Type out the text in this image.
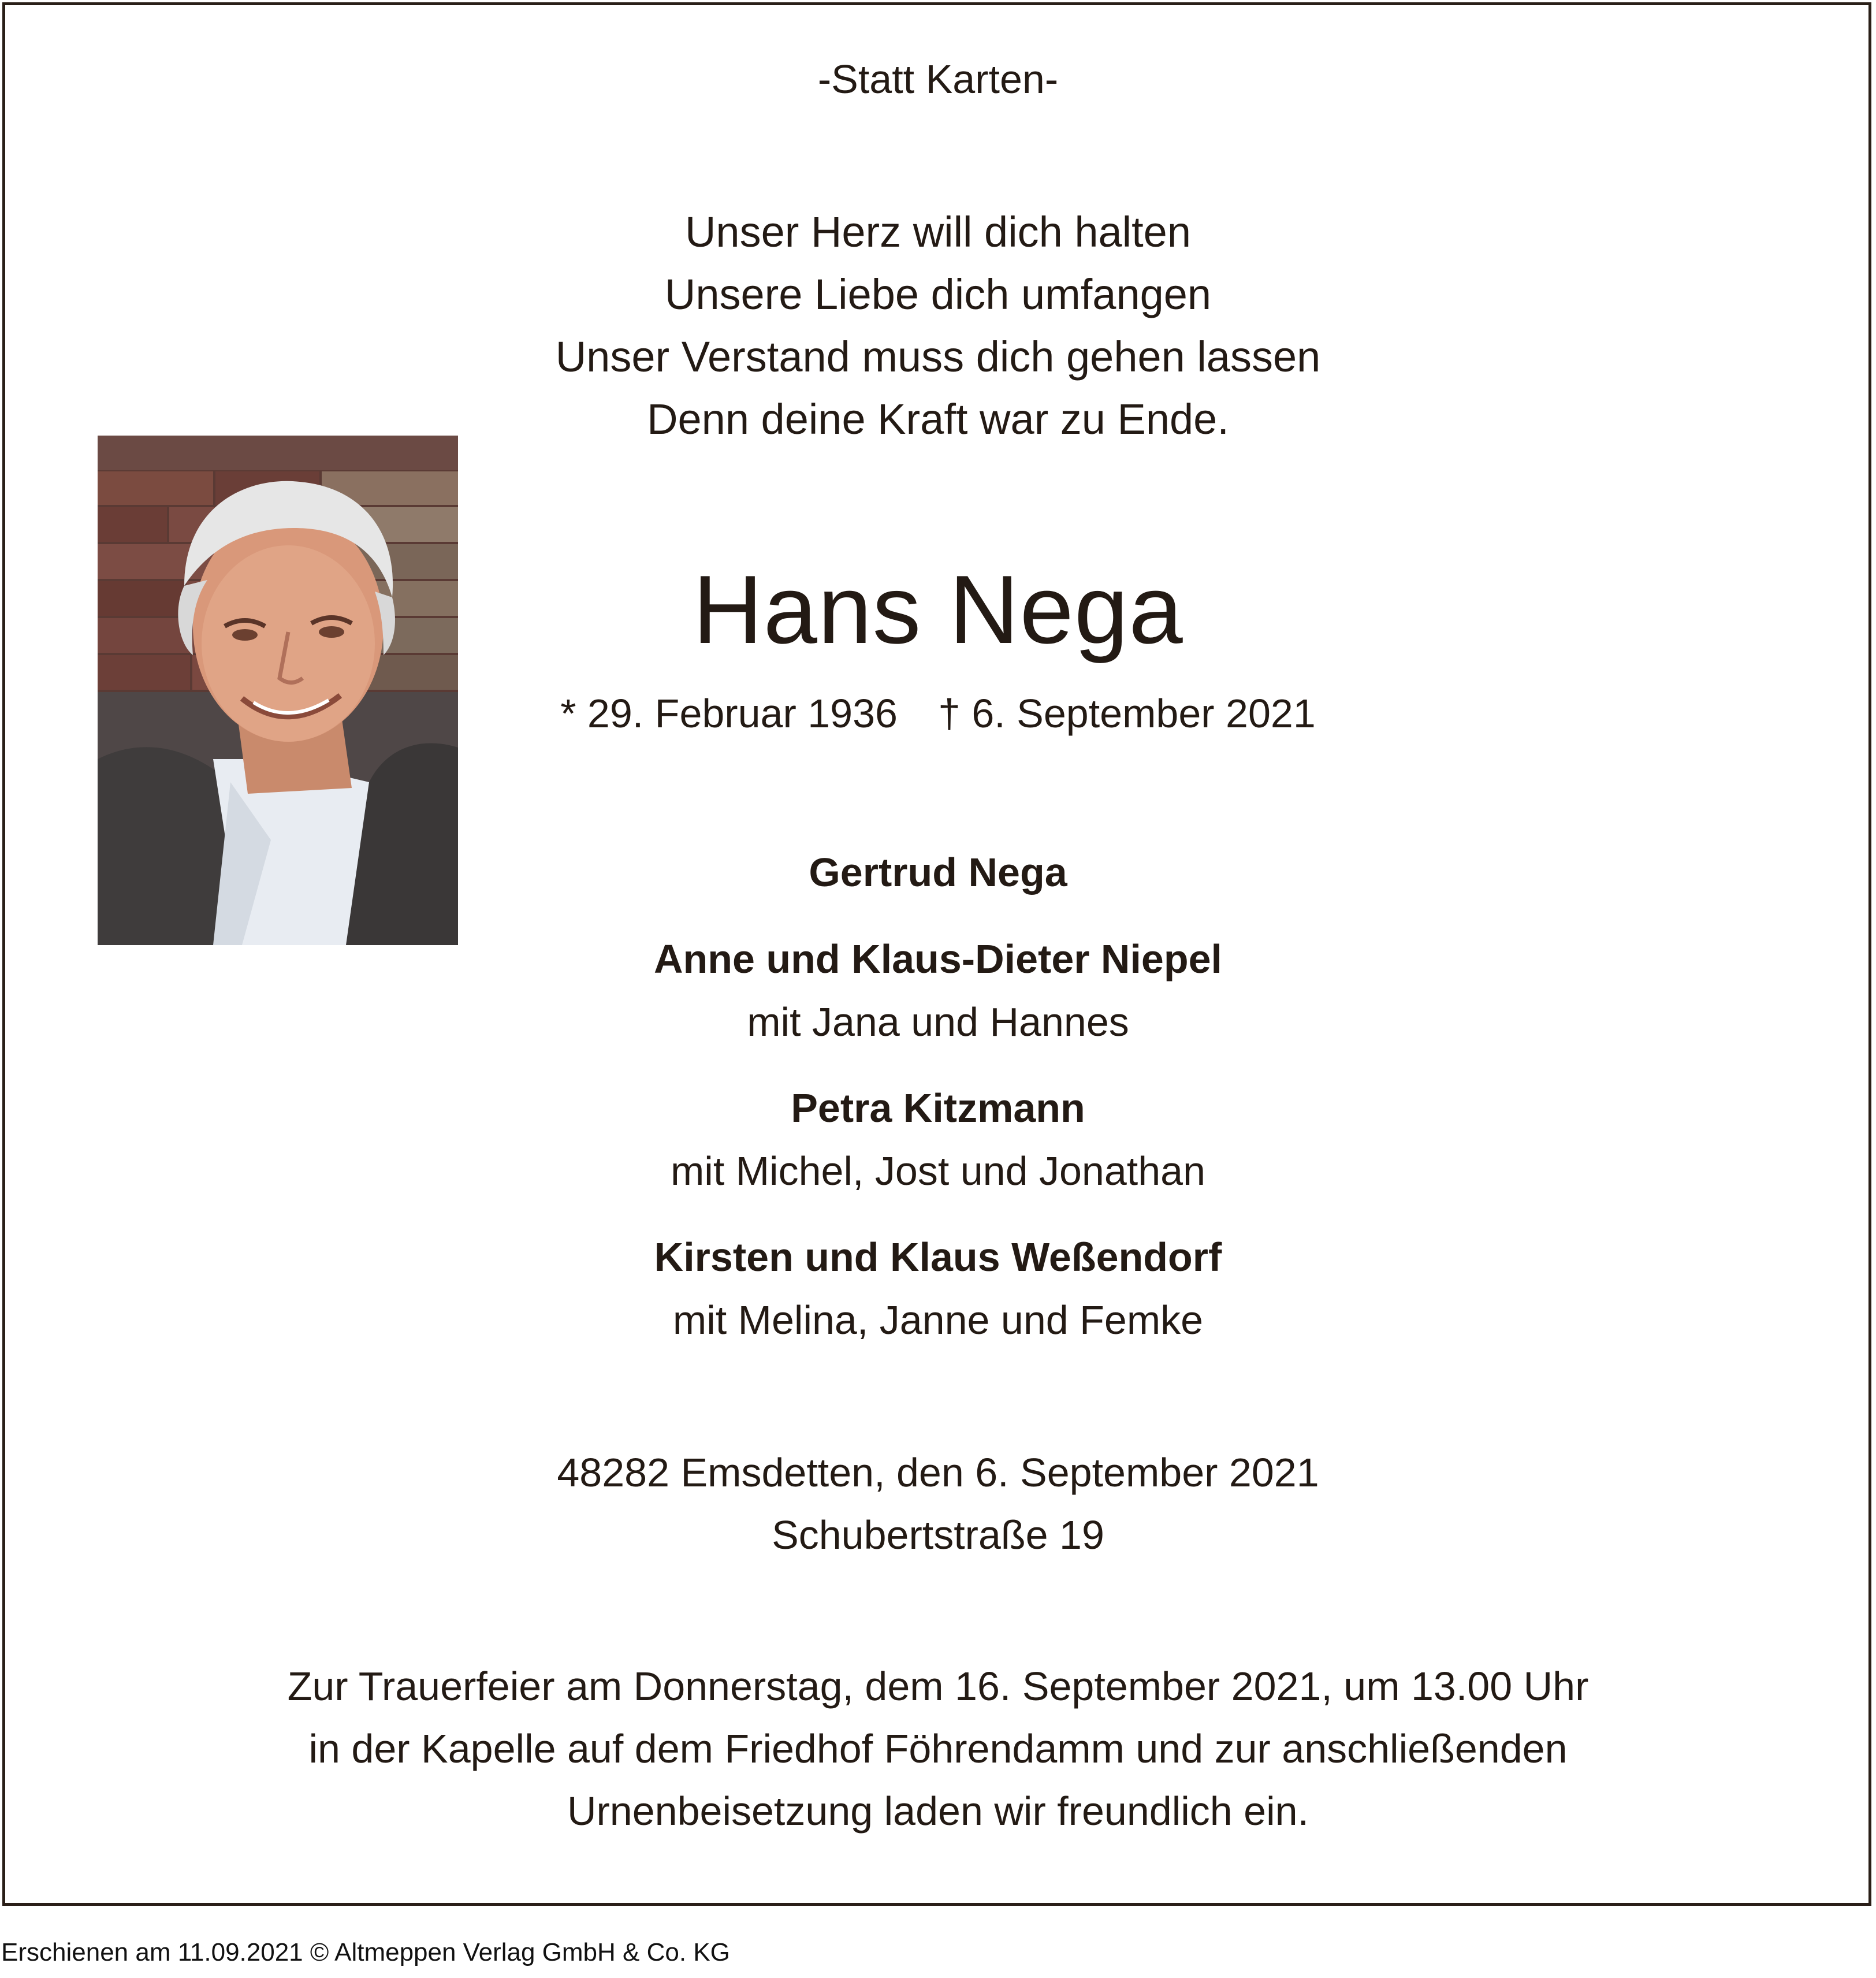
-Statt Karten-
Unser Herz will dich halten
Unsere Liebe dich umfangen
Unser Verstand muss dich gehen lassen
Denn deine Kraft war zu Ende.
Hans Nega
* 29. Februar 1936 † 6. September 2021
Gertrud Nega
Anne und Klaus-Dieter Niepel
mit Jana und Hannes
Petra Kitzmann
mit Michel, Jost und Jonathan
Kirsten und Klaus Weßendorf
mit Melina, Janne und Femke
48282 Emsdetten, den 6. September 2021
Schubertstraße 19
Zur Trauerfeier am Donnerstag, dem 16. September 2021, um 13.00 Uhr
in der Kapelle auf dem Friedhof Föhrendamm und zur anschließenden
Urnenbeisetzung laden wir freundlich ein.
Erschienen am 11.09.2021 © Altmeppen Verlag GmbH & Co. KG
